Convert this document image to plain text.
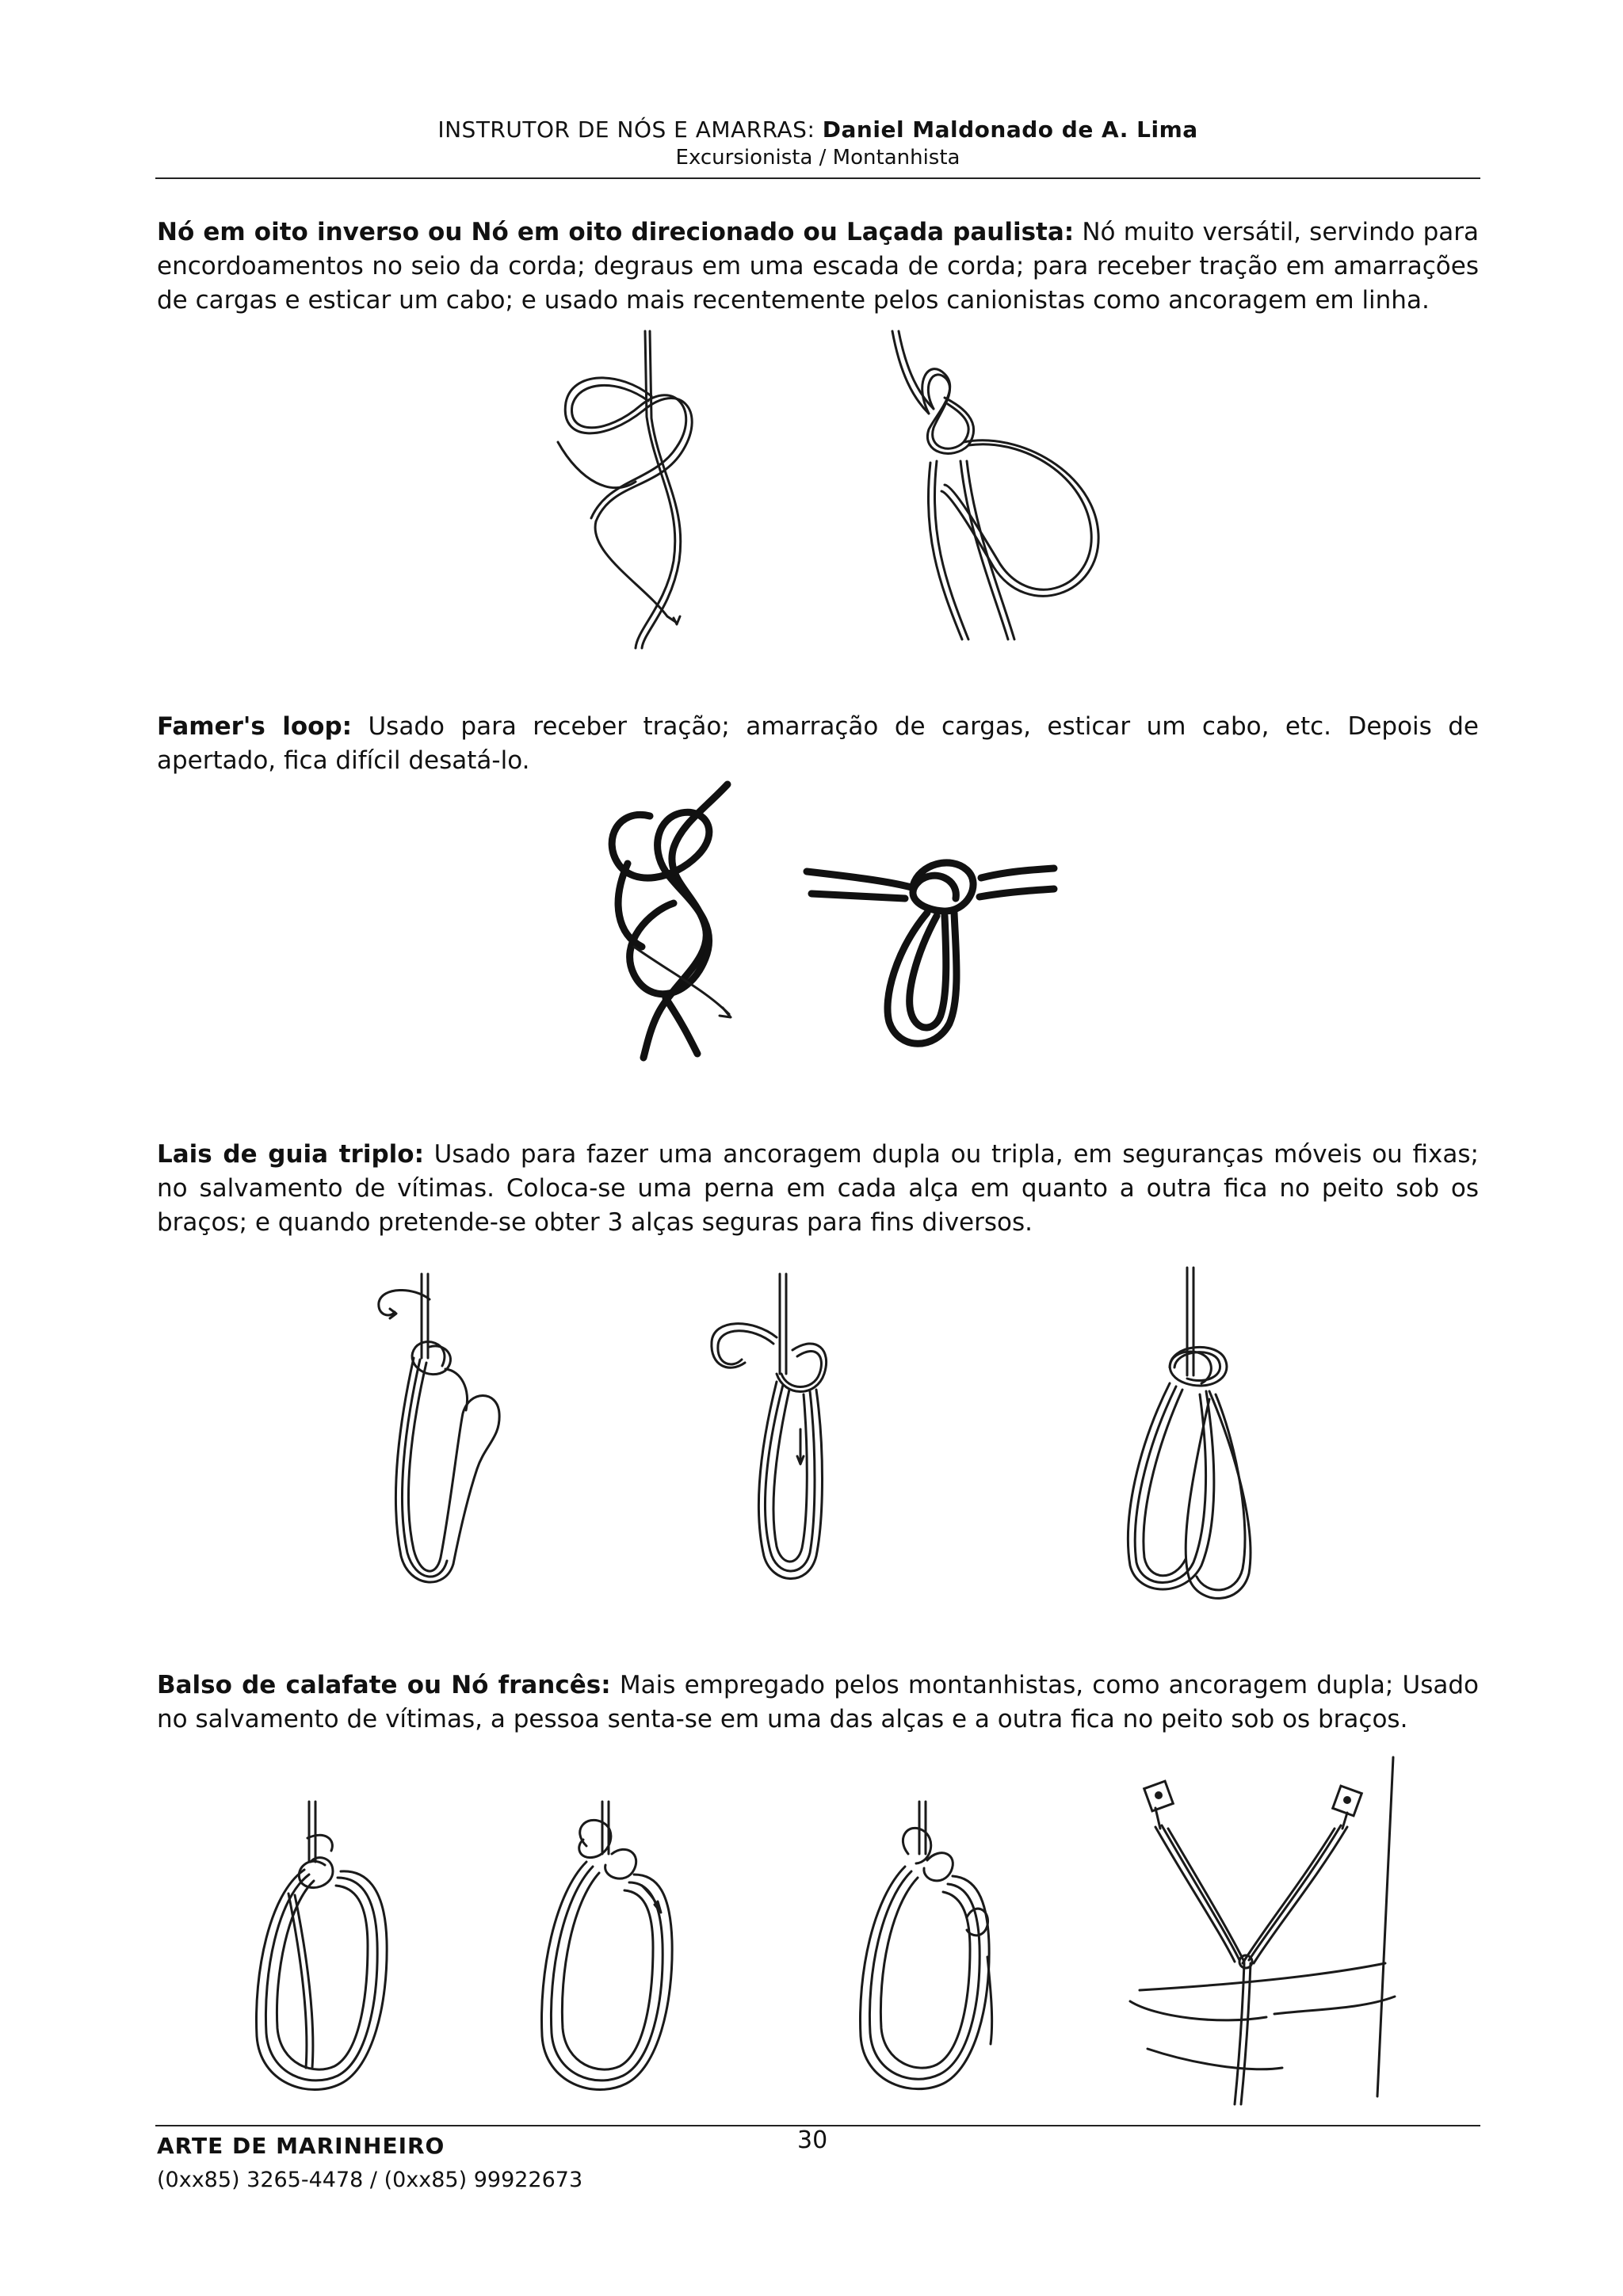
INSTRUTOR DE NÓS E AMARRAS: Daniel Maldonado de A. Lima
Excursionista / Montanhista
Nó em oito inverso ou Nó em oito direcionado ou Laçada paulista: Nó muito versátil, servindo para encordoamentos no seio da corda; degraus em uma escada de corda; para receber tração em amarrações de cargas e esticar um cabo; e usado mais recentemente pelos canionistas como ancoragem em linha.
Famer's loop: Usado para receber tração; amarração de cargas, esticar um cabo, etc. Depois de apertado, fica difícil desatá-lo.
Lais de guia triplo: Usado para fazer uma ancoragem dupla ou tripla, em seguranças móveis ou fixas; no salvamento de vítimas. Coloca-se uma perna em cada alça em quanto a outra fica no peito sob os braços; e quando pretende-se obter 3 alças seguras para fins diversos.
Balso de calafate ou Nó francês: Mais empregado pelos montanhistas, como ancoragem dupla; Usado no salvamento de vítimas, a pessoa senta-se em uma das alças e a outra fica no peito sob os braços.
ARTE DE MARINHEIRO	30
(0xx85) 3265-4478 / (0xx85) 99922673
